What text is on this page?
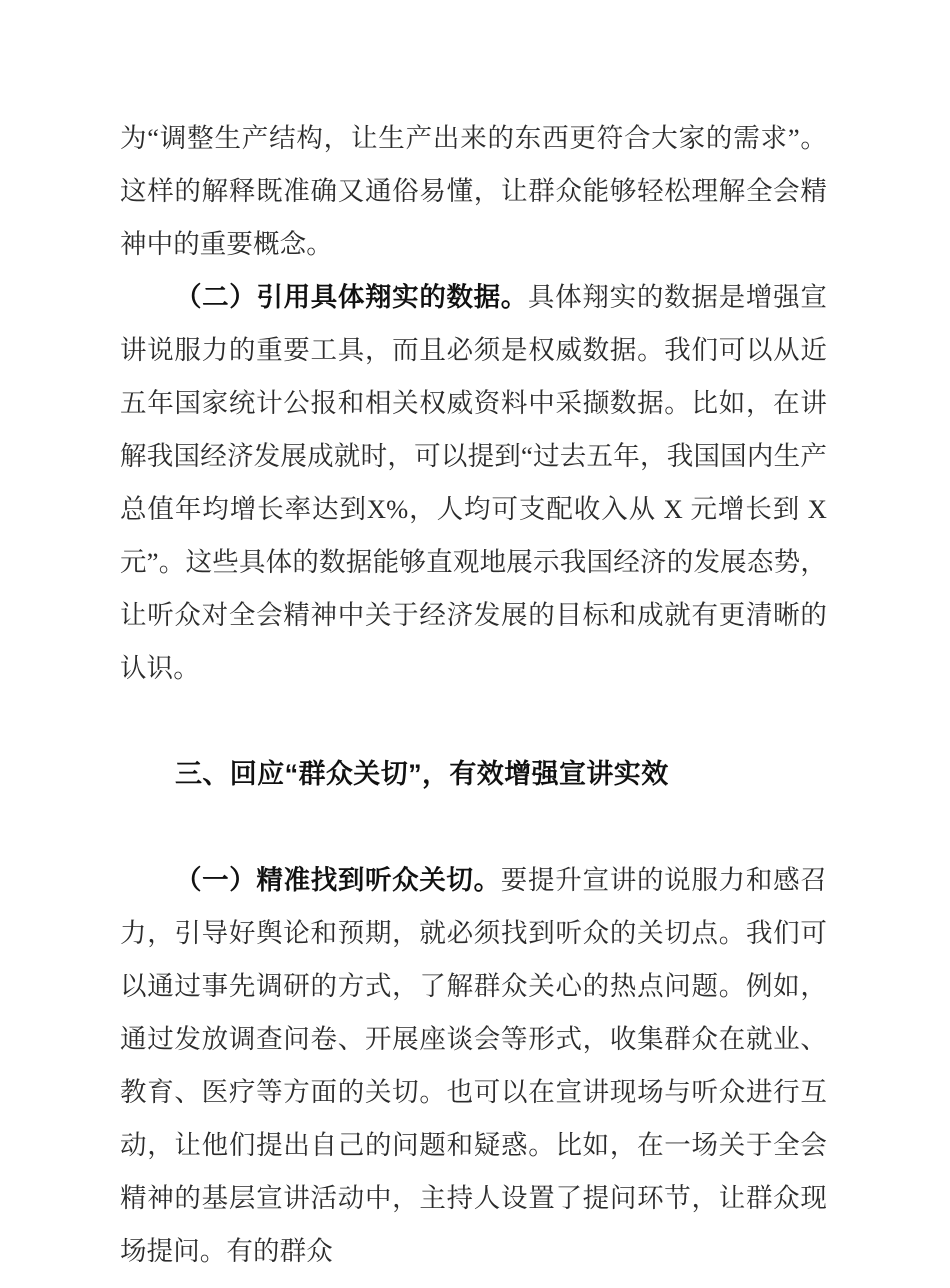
为“调整生产结构，让生产出来的东西更符合大家的需求”。这样的解释既准确又通俗易懂，让群众能够轻松理解全会精神中的重要概念。

（二）引用具体翔实的数据。具体翔实的数据是增强宣讲说服力的重要工具，而且必须是权威数据。我们可以从近五年国家统计公报和相关权威资料中采撷数据。比如，在讲解我国经济发展成就时，可以提到“过去五年，我国国内生产总值年均增长率达到X%，人均可支配收入从 X 元增长到 X 元”。这些具体的数据能够直观地展示我国经济的发展态势，让听众对全会精神中关于经济发展的目标和成就有更清晰的认识。

三、回应“群众关切”，有效增强宣讲实效

（一）精准找到听众关切。要提升宣讲的说服力和感召力，引导好舆论和预期，就必须找到听众的关切点。我们可以通过事先调研的方式，了解群众关心的热点问题。例如，通过发放调查问卷、开展座谈会等形式，收集群众在就业、教育、医疗等方面的关切。也可以在宣讲现场与听众进行互动，让他们提出自己的问题和疑惑。比如，在一场关于全会精神的基层宣讲活动中，主持人设置了提问环节，让群众现场提问。有的群众
